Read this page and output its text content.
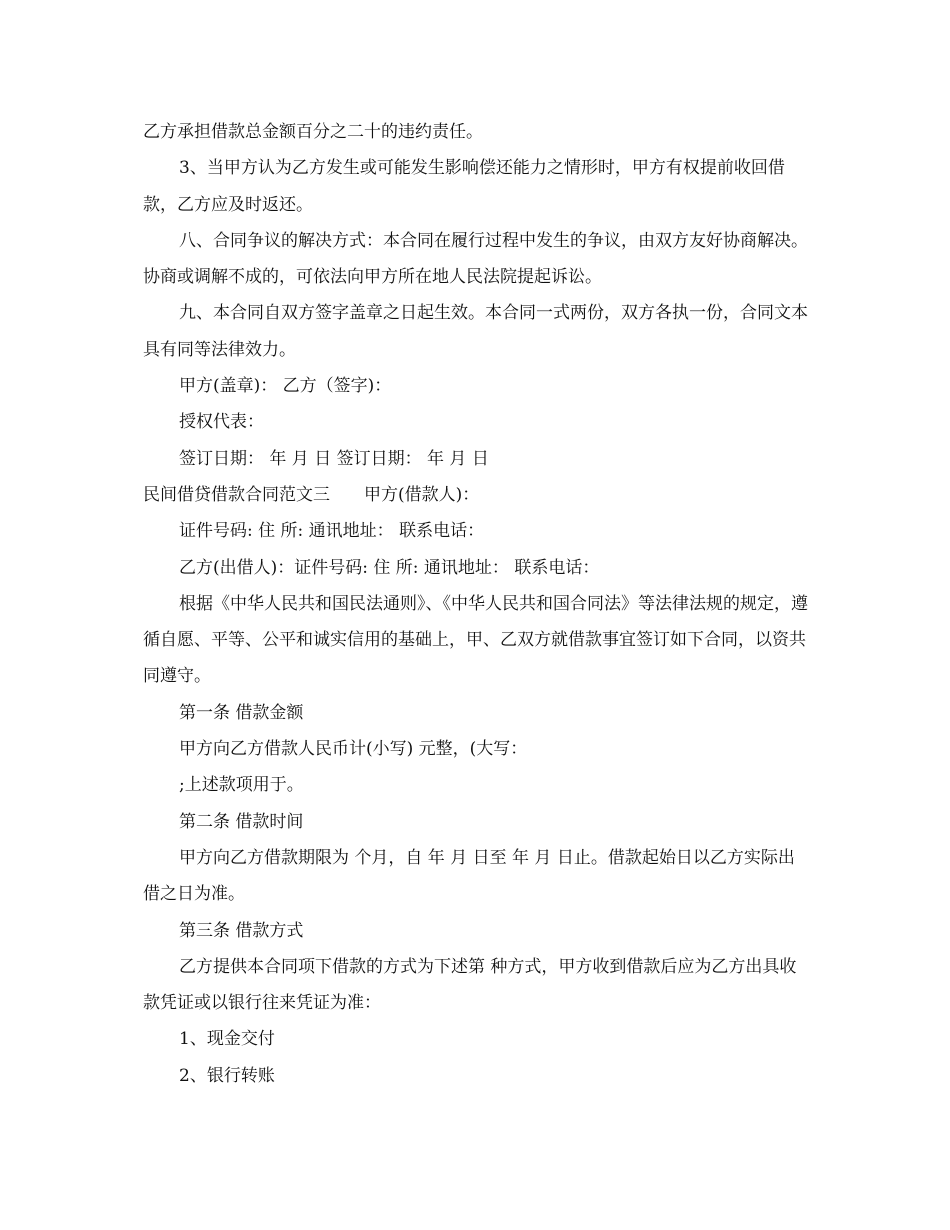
乙方承担借款总金额百分之二十的违约责任。

3、当甲方认为乙方发生或可能发生影响偿还能力之情形时，甲方有权提前收回借款，乙方应及时返还。

八、合同争议的解决方式：本合同在履行过程中发生的争议，由双方友好协商解决。协商或调解不成的，可依法向甲方所在地人民法院提起诉讼。

九、本合同自双方签字盖章之日起生效。本合同一式两份，双方各执一份，合同文本具有同等法律效力。

甲方(盖章)： 乙方（签字)：

授权代表：

签订日期： 年 月 日 签订日期： 年 月 日

民间借贷借款合同范文三　　甲方(借款人)：

证件号码: 住 所: 通讯地址： 联系电话：

乙方(出借人)：证件号码: 住 所: 通讯地址： 联系电话：

根据《中华人民共和国民法通则》、《中华人民共和国合同法》等法律法规的规定，遵循自愿、平等、公平和诚实信用的基础上，甲、乙双方就借款事宜签订如下合同，以资共同遵守。

第一条 借款金额

甲方向乙方借款人民币计(小写) 元整，(大写：

;上述款项用于。

第二条 借款时间

甲方向乙方借款期限为 个月，自 年 月 日至 年 月 日止。借款起始日以乙方实际出借之日为准。

第三条 借款方式

乙方提供本合同项下借款的方式为下述第 种方式，甲方收到借款后应为乙方出具收款凭证或以银行往来凭证为准：

1、现金交付

2、银行转账
